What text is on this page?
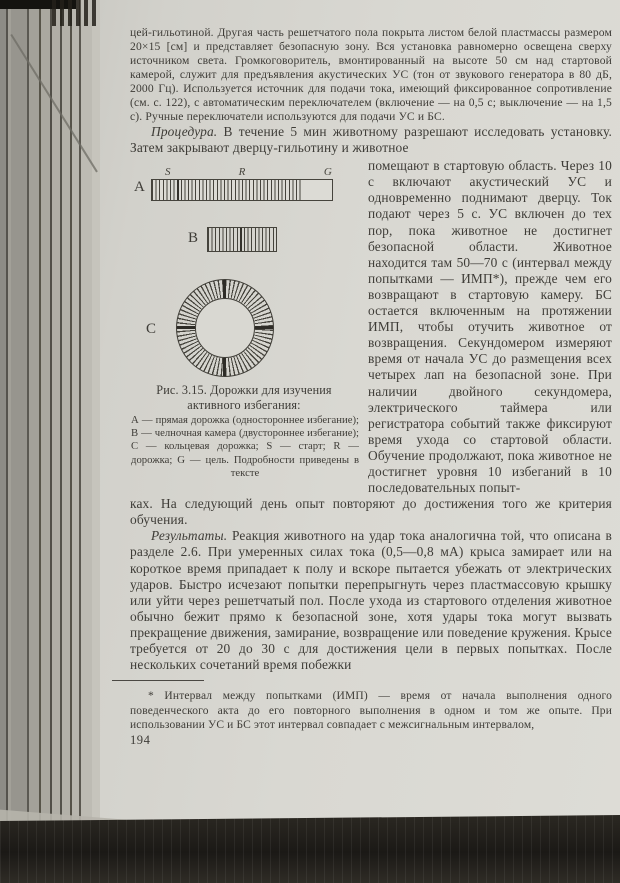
цей-гильотиной. Другая часть решетчатого пола покрыта листом белой пластмассы размером 20×15 [см] и представляет безопасную зону. Вся установка равномерно освещена сверху источником света. Громкоговоритель, вмонтированный на высоте 50 см над стартовой камерой, служит для предъявления акустических УС (тон от звукового генератора в 80 дБ, 2000 Гц). Используется источник для подачи тока, имеющий фиксированное сопротивление (см. с. 122), с автоматическим переключателем (включение — на 0,5 с; выключение — на 1,5 с). Ручные переключатели используются для подачи УС и БС.

Процедура. В течение 5 мин животному разрешают исследовать установку. Затем закрывают дверцу-гильотину и животное

А
S	R	G
В
С

Рис. 3.15. Дорожки для изучения активного избегания:

А — прямая дорожка (одностороннее избегание); В — челночная камера (двустороннее избегание); С — кольцевая дорожка; S — старт; R — дорожка; G — цель. Подробности приведены в тексте

помещают в стартовую область. Через 10 с включают акустический УС и одновременно поднимают дверцу. Ток подают через 5 с. УС включен до тех пор, пока животное не достигнет безопасной области. Животное находится там 50—70 с (интервал между попытками — ИМП*), прежде чем его возвращают в стартовую камеру. БС остается включенным на протяжении ИМП, чтобы отучить животное от возвращения. Секундомером измеряют время от начала УС до размещения всех четырех лап на безопасной зоне. При наличии двойного секундомера, электрического таймера или регистратора событий также фиксируют время ухода со стартовой области. Обучение продолжают, пока животное не достигнет уровня 10 избеганий в 10 последовательных попыт-

ках. На следующий день опыт повторяют до достижения того же критерия обучения.

Результаты. Реакция животного на удар тока аналогична той, что описана в разделе 2.6. При умеренных силах тока (0,5—0,8 мА) крыса замирает или на короткое время припадает к полу и вскоре пытается убежать от электрических ударов. Быстро исчезают попытки перепрыгнуть через пластмассовую крышку или уйти через решетчатый пол. После ухода из стартового отделения животное обычно бежит прямо к безопасной зоне, хотя удары тока могут вызвать прекращение движения, замирание, возвращение или поведение кружения. Крысе требуется от 20 до 30 с для достижения цели в первых попытках. После нескольких сочетаний время побежки

* Интервал между попытками (ИМП) — время от начала выполнения одного поведенческого акта до его повторного выполнения в одном и том же опыте. При использовании УС и БС этот интервал совпадает с межсигнальным интервалом,

194
